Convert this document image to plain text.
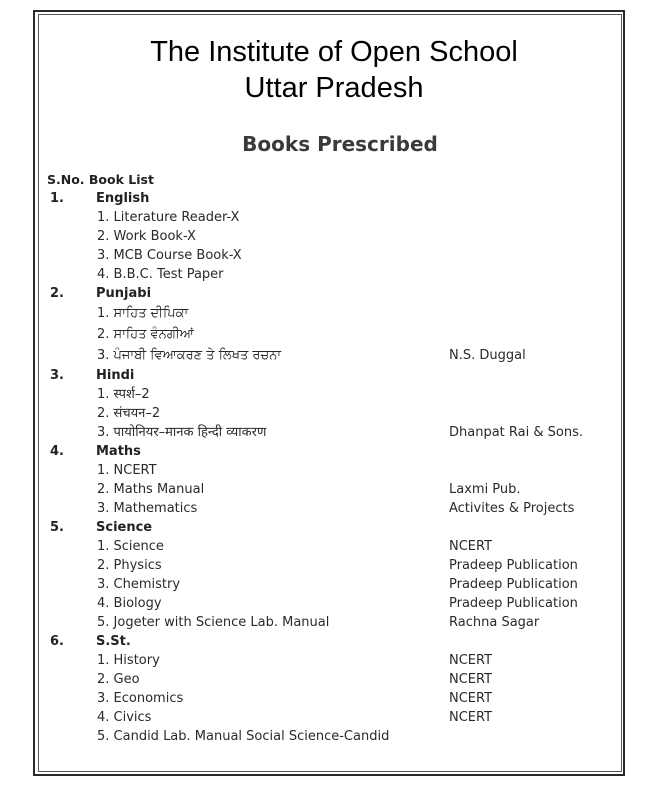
The Institute of Open School
Uttar Pradesh
Books Prescribed
S.No. Book List
1. English
1. Literature Reader-X
2. Work Book-X
3. MCB Course Book-X
4. B.B.C. Test Paper
2. Punjabi
1. ਸਾਹਿਤ ਦੀਪਿਕਾ
2. ਸਾਹਿਤ ਵੰਨਗੀਆਂ
3. ਪੰਜਾਬੀ ਵਿਆਕਰਣ ਤੇ ਲਿਖਤ ਰਚਨਾ	N.S. Duggal
3. Hindi
1. स्पर्श–2
2. संचयन–2
3. पायोनियर–मानक हिन्दी व्याकरण	Dhanpat Rai & Sons.
4. Maths
1. NCERT
2. Maths Manual	Laxmi Pub.
3. Mathematics	Activites & Projects
5. Science
1. Science	NCERT
2. Physics	Pradeep Publication
3. Chemistry	Pradeep Publication
4. Biology	Pradeep Publication
5. Jogeter with Science Lab. Manual	Rachna Sagar
6. S.St.
1. History	NCERT
2. Geo	NCERT
3. Economics	NCERT
4. Civics	NCERT
5. Candid Lab. Manual Social Science-Candid
